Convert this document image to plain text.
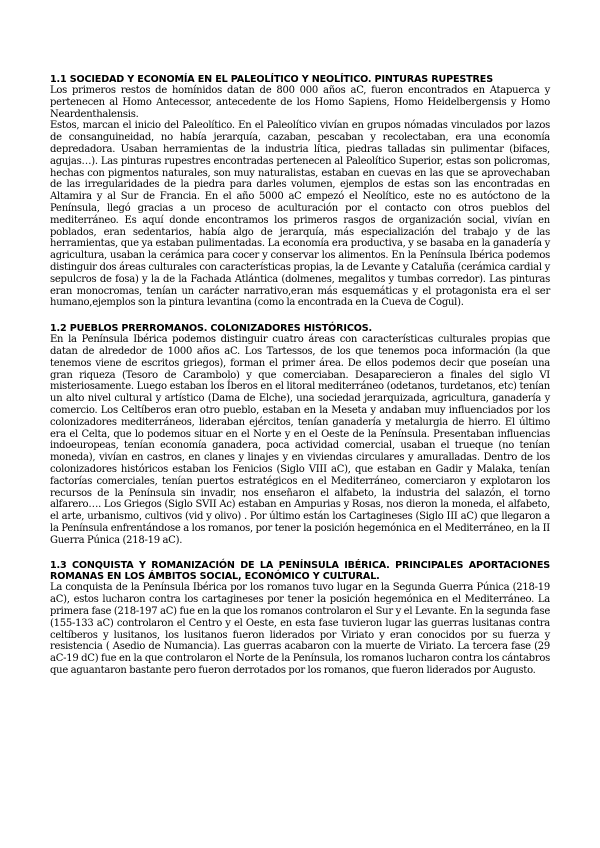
1.1 SOCIEDAD Y ECONOMÍA EN EL PALEOLÍTICO Y NEOLÍTICO. PINTURAS RUPESTRES

Los primeros restos de homínidos datan de 800 000 años aC, fueron encontrados en Atapuerca y pertenecen al Homo Antecessor, antecedente de los Homo Sapiens, Homo Heidelbergensis y Homo Neardenthalensis.

Estos, marcan el inicio del Paleolítico. En el Paleolítico vivían en grupos nómadas vinculados por lazos de consanguineidad, no había jerarquía, cazaban, pescaban y recolectaban, era una economía depredadora. Usaban herramientas de la industria lítica, piedras talladas sin pulimentar (bifaces, agujas…). Las pinturas rupestres encontradas pertenecen al Paleolítico Superior, estas son policromas, hechas con pigmentos naturales, son muy naturalistas, estaban en cuevas en las que se aprovechaban de las irregularidades de la piedra para darles volumen, ejemplos de estas son las encontradas en Altamira y al Sur de Francia. En el año 5000 aC empezó el Neolítico, este no es autóctono de la Península, llegó gracias a un proceso de aculturación por el contacto con otros pueblos del mediterráneo. Es aquí donde encontramos los primeros rasgos de organización social, vivían en poblados, eran sedentarios, había algo de jerarquía, más especialización del trabajo y de las herramientas, que ya estaban pulimentadas. La economía era productiva, y se basaba en la ganadería y agricultura, usaban la cerámica para cocer y conservar los alimentos. En la Península Ibérica podemos distinguir dos áreas culturales con características propias, la de Levante y Cataluña (cerámica cardial y sepulcros de fosa) y la de la Fachada Atlántica (dolmenes, megalitos y tumbas corredor). Las pinturas eran monocromas, tenían un carácter narrativo,eran más esquemáticas y el protagonista era el ser humano,ejemplos son la pintura levantina (como la encontrada en la Cueva de Cogul).

1.2 PUEBLOS PRERROMANOS. COLONIZADORES HISTÓRICOS.

En la Península Ibérica podemos distinguir cuatro áreas con características culturales propias que datan de alrededor de 1000 años aC. Los Tartessos, de los que tenemos poca información (la que tenemos viene de escritos griegos), forman el primer área. De ellos podemos decir que poseían una gran riqueza (Tesoro de Carambolo) y que comerciaban. Desaparecieron a finales del siglo VI misteriosamente. Luego estaban los Íberos en el litoral mediterráneo (odetanos, turdetanos, etc) tenían un alto nivel cultural y artístico (Dama de Elche), una sociedad jerarquizada, agricultura, ganadería y comercio. Los Celtíberos eran otro pueblo, estaban en la Meseta y andaban muy influenciados por los colonizadores mediterráneos, lideraban ejércitos, tenían ganadería y metalurgia de hierro. El último era el Celta, que lo podemos situar en el Norte y en el Oeste de la Península. Presentaban influencias indoeuropeas, tenían economía ganadera, poca actividad comercial, usaban el trueque (no tenían moneda), vivían en castros, en clanes y linajes y en viviendas circulares y amuralladas. Dentro de los colonizadores históricos estaban los Fenicios (Siglo VIII aC), que estaban en Gadir y Malaka, tenían factorías comerciales, tenían puertos estratégicos en el Mediterráneo, comerciaron y explotaron los recursos de la Península sin invadir, nos enseñaron el alfabeto, la industria del salazón, el torno alfarero…. Los Griegos (Siglo SVII Ac) estaban en Ampurias y Rosas, nos dieron la moneda, el alfabeto, el arte, urbanismo, cultivos (vid y olivo) . Por último están los Cartagineses (Siglo III aC) que llegaron a la Península enfrentándose a los romanos, por tener la posición hegemónica en el Mediterráneo, en la II Guerra Púnica (218-19 aC).

1.3 CONQUISTA Y ROMANIZACIÓN DE LA PENÍNSULA IBÉRICA. PRINCIPALES APORTACIONES ROMANAS EN LOS ÁMBITOS SOCIAL, ECONÓMICO Y CULTURAL.

La conquista de la Península Ibérica por los romanos tuvo lugar en la Segunda Guerra Púnica (218-19 aC), estos lucharon contra los cartagineses por tener la posición hegemónica en el Mediterráneo. La primera fase (218-197 aC) fue en la que los romanos controlaron el Sur y el Levante. En la segunda fase (155-133 aC) controlaron el Centro y el Oeste, en esta fase tuvieron lugar las guerras lusitanas contra celtíberos y lusitanos, los lusitanos fueron liderados por Viriato y eran conocidos por su fuerza y resistencia ( Asedio de Numancia). Las guerras acabaron con la muerte de Viriato. La tercera fase (29 aC-19 dC) fue en la que controlaron el Norte de la Península, los romanos lucharon contra los cántabros que aguantaron bastante pero fueron derrotados por los romanos, que fueron liderados por Augusto.
